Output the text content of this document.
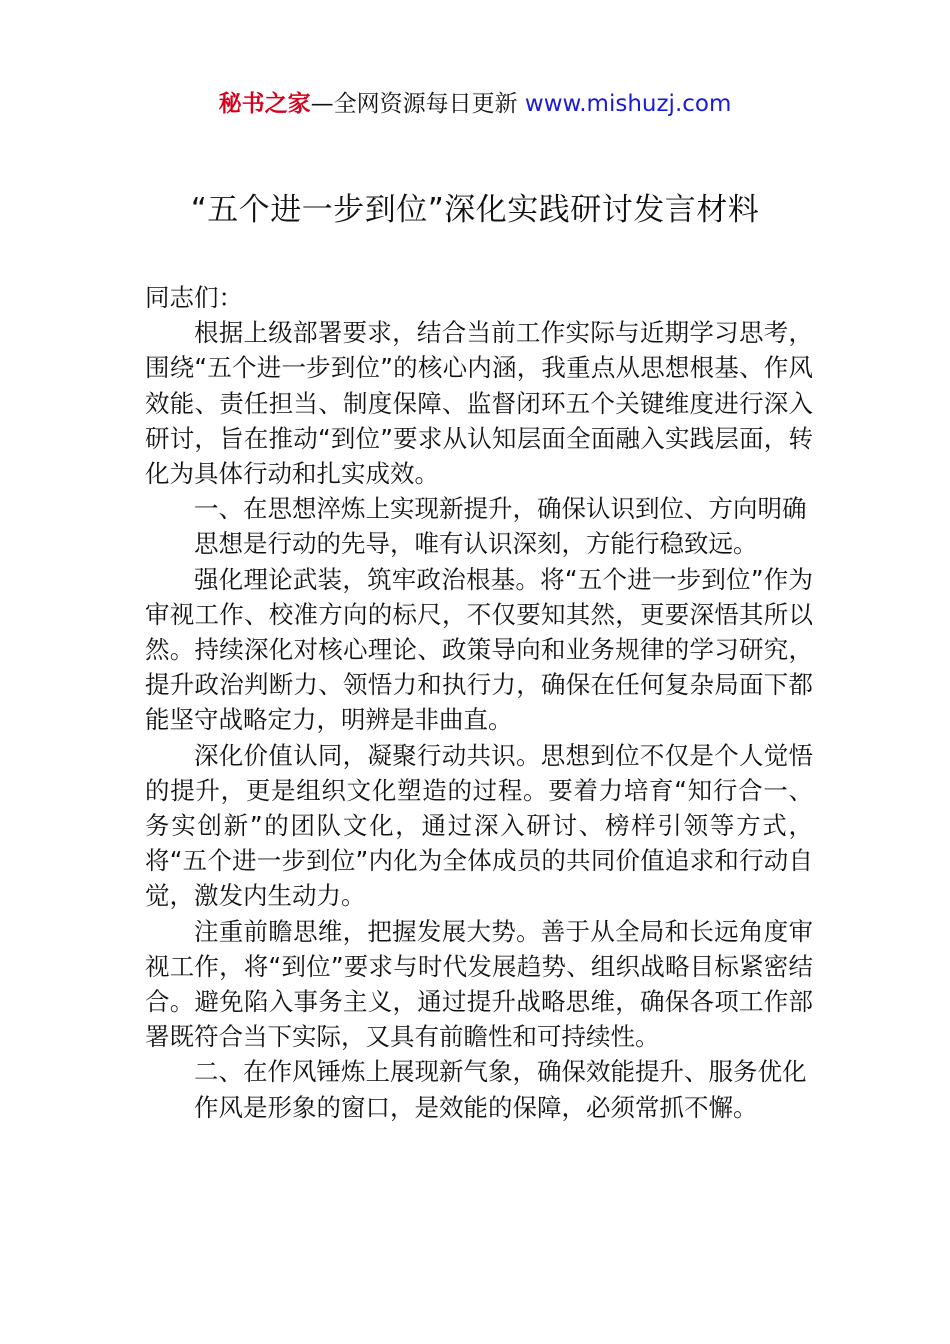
秘书之家—全网资源每日更新 www.mishuzj.com
“五个进一步到位”深化实践研讨发言材料

同志们：

根据上级部署要求，结合当前工作实际与近期学习思考，围绕“五个进一步到位”的核心内涵，我重点从思想根基、作风效能、责任担当、制度保障、监督闭环五个关键维度进行深入研讨，旨在推动“到位”要求从认知层面全面融入实践层面，转化为具体行动和扎实成效。

一、在思想淬炼上实现新提升，确保认识到位、方向明确

思想是行动的先导，唯有认识深刻，方能行稳致远。

强化理论武装，筑牢政治根基。将“五个进一步到位”作为审视工作、校准方向的标尺，不仅要知其然，更要深悟其所以然。持续深化对核心理论、政策导向和业务规律的学习研究，提升政治判断力、领悟力和执行力，确保在任何复杂局面下都能坚守战略定力，明辨是非曲直。

深化价值认同，凝聚行动共识。思想到位不仅是个人觉悟的提升，更是组织文化塑造的过程。要着力培育“知行合一、务实创新”的团队文化，通过深入研讨、榜样引领等方式，将“五个进一步到位”内化为全体成员的共同价值追求和行动自觉，激发内生动力。

注重前瞻思维，把握发展大势。善于从全局和长远角度审视工作，将“到位”要求与时代发展趋势、组织战略目标紧密结合。避免陷入事务主义，通过提升战略思维，确保各项工作部署既符合当下实际，又具有前瞻性和可持续性。

二、在作风锤炼上展现新气象，确保效能提升、服务优化

作风是形象的窗口，是效能的保障，必须常抓不懈。
